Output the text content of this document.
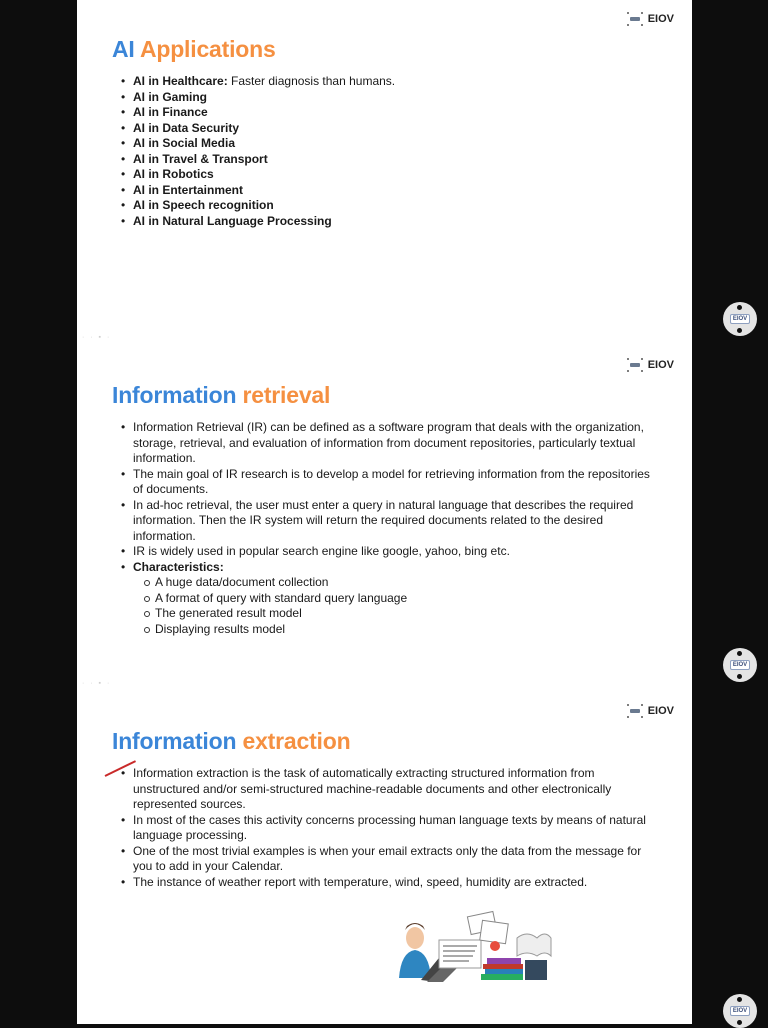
EIOV
AI Applications
• AI in Healthcare: Faster diagnosis than humans.
• AI in Gaming
• AI in Finance
• AI in Data Security
• AI in Social Media
• AI in Travel & Transport
• AI in Robotics
• AI in Entertainment
• AI in Speech recognition
• AI in Natural Language Processing
· · ▪ ·
EIOV
Information retrieval
• Information Retrieval (IR) can be defined as a software program that deals with the organization, storage, retrieval, and evaluation of information from document repositories, particularly textual information.
• The main goal of IR research is to develop a model for retrieving information from the repositories of documents.
• In ad-hoc retrieval, the user must enter a query in natural language that describes the required information. Then the IR system will return the required documents related to the desired information.
• IR is widely used in popular search engine like google, yahoo, bing etc.
• Characteristics:
A huge data/document collection
A format of query with standard query language
The generated result model
Displaying results model
· · ▪ ·
EIOV
Information extraction
• Information extraction is the task of automatically extracting structured information from unstructured and/or semi-structured machine-readable documents and other electronically represented sources.
• In most of the cases this activity concerns processing human language texts by means of natural language processing.
• One of the most trivial examples is when your email extracts only the data from the message for you to add in your Calendar.
• The instance of weather report with temperature, wind, speed, humidity are extracted.
EIOV
EIOV
EIOV
